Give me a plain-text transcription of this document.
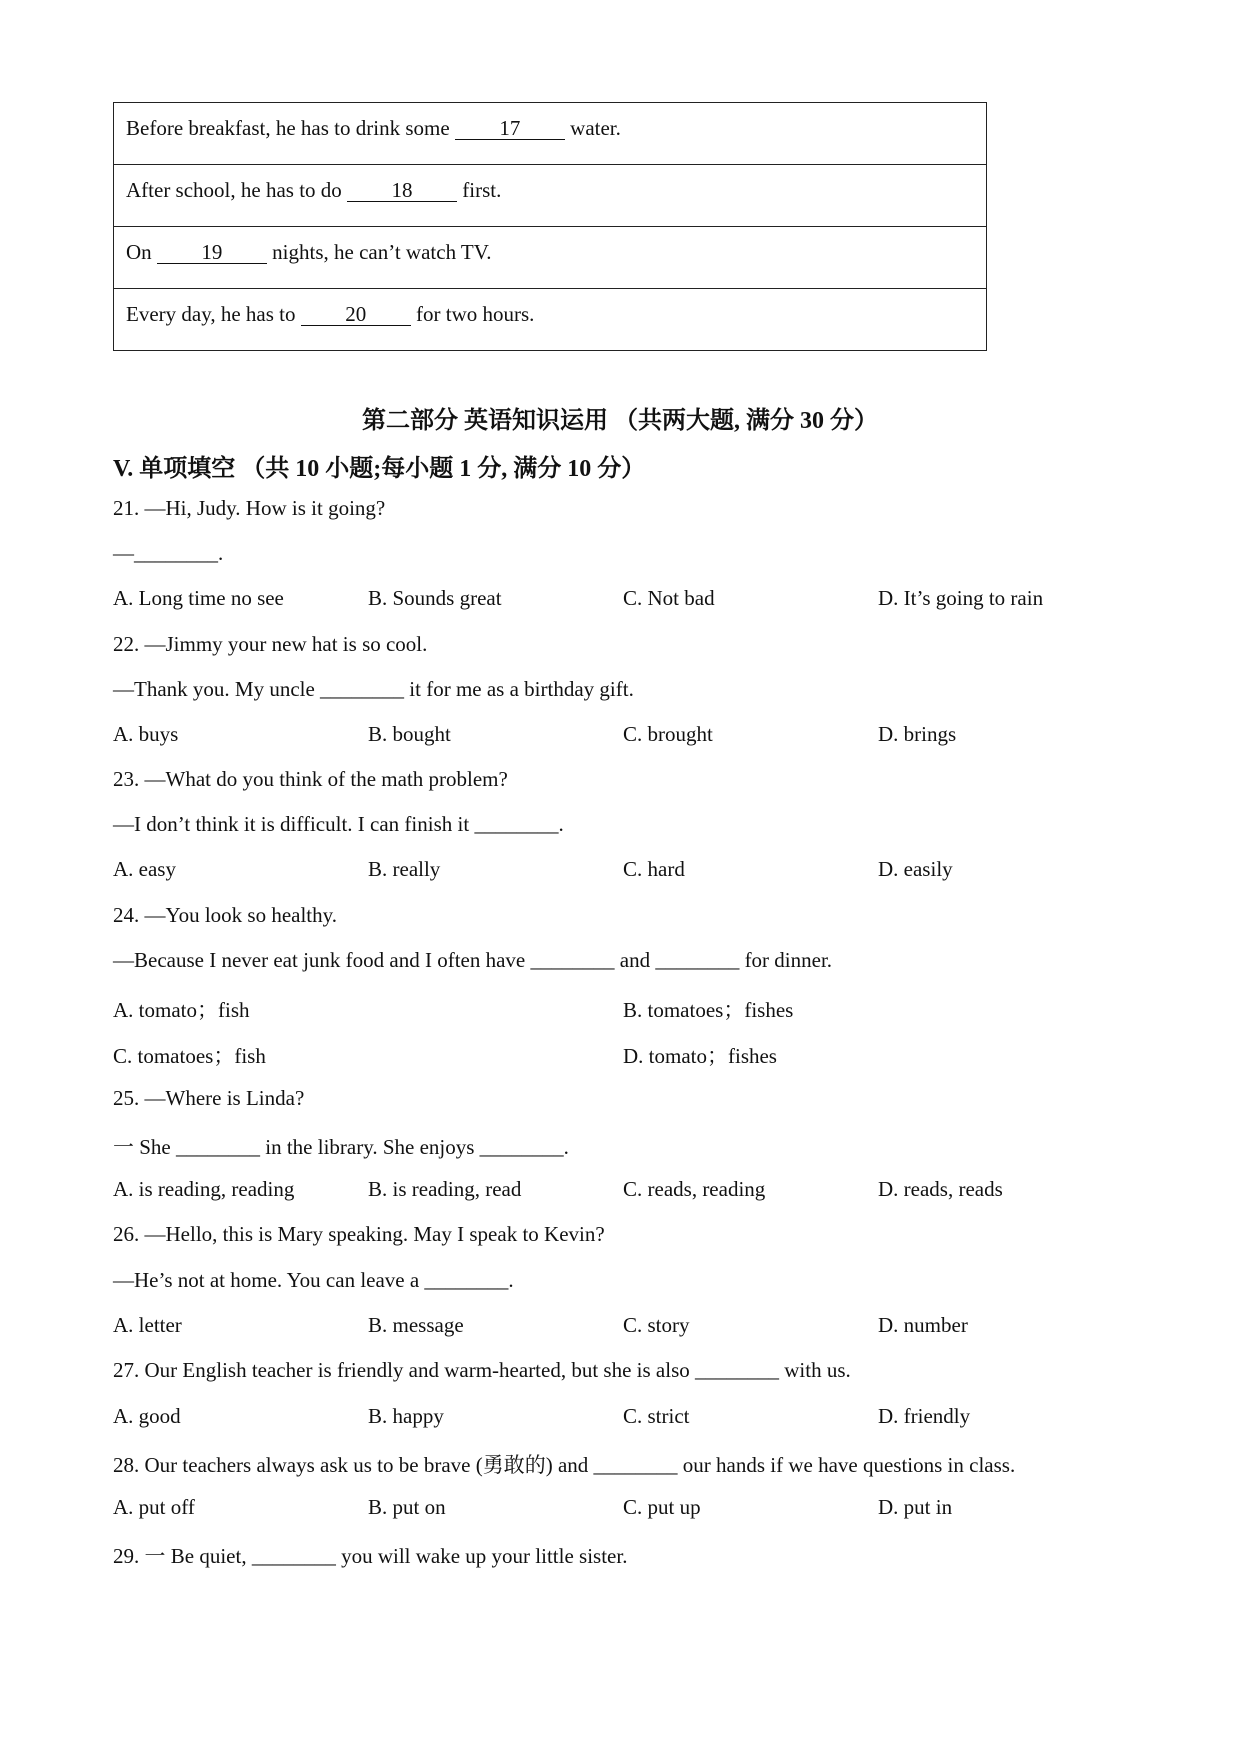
Before breakfast, he has to drink some 17 water.

After school, he has to do 18 first.

On 19 nights, he can’t watch TV.

Every day, he has to 20 for two hours.
第二部分 英语知识运用 （共两大题, 满分 30 分）
V. 单项填空 （共 10 小题;每小题 1 分, 满分 10 分）
21. —Hi, Judy. How is it going?
—________.
A. Long time no see	B. Sounds great	C. Not bad	D. It’s going to rain
22. —Jimmy your new hat is so cool.
—Thank you. My uncle ________ it for me as a birthday gift.
A. buys	B. bought	C. brought	D. brings
23. —What do you think of the math problem?
—I don’t think it is difficult. I can finish it ________.
A. easy	B. really	C. hard	D. easily
24. —You look so healthy.
—Because I never eat junk food and I often have ________ and ________ for dinner.
A. tomato；fish	B. tomatoes；fishes
C. tomatoes；fish	D. tomato；fishes
25. —Where is Linda?
一 She ________ in the library. She enjoys ________.
A. is reading, reading	B. is reading, read	C. reads, reading	D. reads, reads
26. —Hello, this is Mary speaking. May I speak to Kevin?
—He’s not at home. You can leave a ________.
A. letter	B. message	C. story	D. number
27. Our English teacher is friendly and warm-hearted, but she is also ________ with us.
A. good	B. happy	C. strict	D. friendly
28. Our teachers always ask us to be brave (勇敢的) and ________ our hands if we have questions in class.
A. put off	B. put on	C. put up	D. put in
29. 一 Be quiet, ________ you will wake up your little sister.
